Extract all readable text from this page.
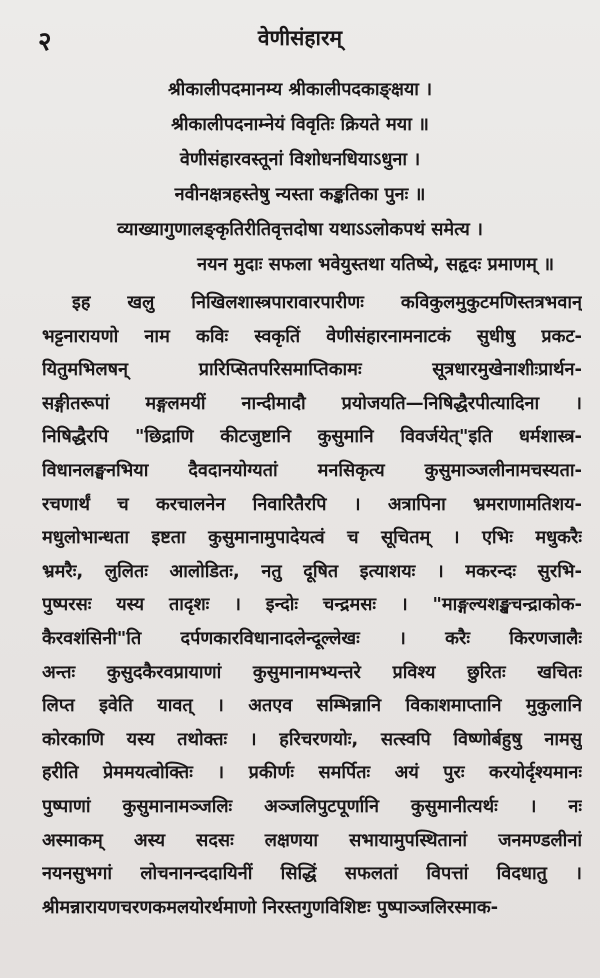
२	वेणीसंहारम्
श्रीकालीपदमानम्य श्रीकालीपदकाङ्क्षया ।
श्रीकालीपदनाम्नेयं विवृतिः क्रियते मया ॥
वेणीसंहारवस्तूनां विशोधनधियाऽधुना ।
नवीनक्षत्रहस्तेषु न्यस्ता कङ्कतिका पुनः ॥
व्याख्यागुणालङ्कृतिरीतिवृत्तदोषा यथाऽऽलोकपथं समेत्य ।
नयन मुदाः सफला भवेयुस्तथा यतिष्ये, सहृदः प्रमाणम् ॥
इह खलु निखिलशास्त्रपारावारपारीणः कविकुलमुकुटमणिस्तत्रभवान्
भट्टनारायणो नाम कविः स्वकृतिं वेणीसंहारनामनाटकं सुधीषु प्रकट-
यितुमभिलषन् प्रारिप्सितपरिसमाप्तिकामः सूत्रधारमुखेनाशीःप्रार्थन-
सङ्गीतरूपां मङ्गलमयीं नान्दीमादौ प्रयोजयति—निषिद्धैरपीत्यादिना ।
निषिद्धैरपि "छिद्राणि कीटजुष्टानि कुसुमानि विवर्जयेत्"इति धर्मशास्त्र-
विधानलङ्घनभिया दैवदानयोग्यतां मनसिकृत्य कुसुमाञ्जलीनामचस्यता-
रचणार्थं च करचालनेन निवारितैरपि । अत्रापिना भ्रमराणामतिशय-
मधुलोभान्धता इष्टता कुसुमानामुपादेयत्वं च सूचितम् । एभिः मधुकरैः
भ्रमरैः, लुलितः आलोडितः, नतु दूषित इत्याशयः । मकरन्दः सुरभि-
पुष्परसः यस्य तादृशः । इन्दोः चन्द्रमसः । "माङ्गल्यशङ्खचन्द्राकोक-
कैरवशंसिनी"ति दर्पणकारविधानादलेन्दूल्लेखः । करैः किरणजालैः
अन्तः कुसुदकैरवप्रायाणां कुसुमानामभ्यन्तरे प्रविश्य छुरितः खचितः
लिप्त इवेति यावत् । अतएव सम्भिन्नानि विकाशमाप्तानि मुकुलानि
कोरकाणि यस्य तथोक्तः । हरिचरणयोः, सत्स्वपि विष्णोर्बहुषु नामसु
हरीति प्रेममयत्वोक्तिः । प्रकीर्णः समर्पितः अयं पुरः करयोर्दृश्यमानः
पुष्पाणां कुसुमानामञ्जलिः अञ्जलिपुटपूर्णानि कुसुमानीत्यर्थः । नः
अस्माकम् अस्य सदसः लक्षणया सभायामुपस्थितानां जनमण्डलीनां
नयनसुभगां लोचनानन्ददायिनीं सिद्धिं सफलतां विपत्तां विदधातु ।
श्रीमन्नारायणचरणकमलयोरर्थमाणो निरस्तगुणविशिष्टः पुष्पाञ्जलिरस्माक-
